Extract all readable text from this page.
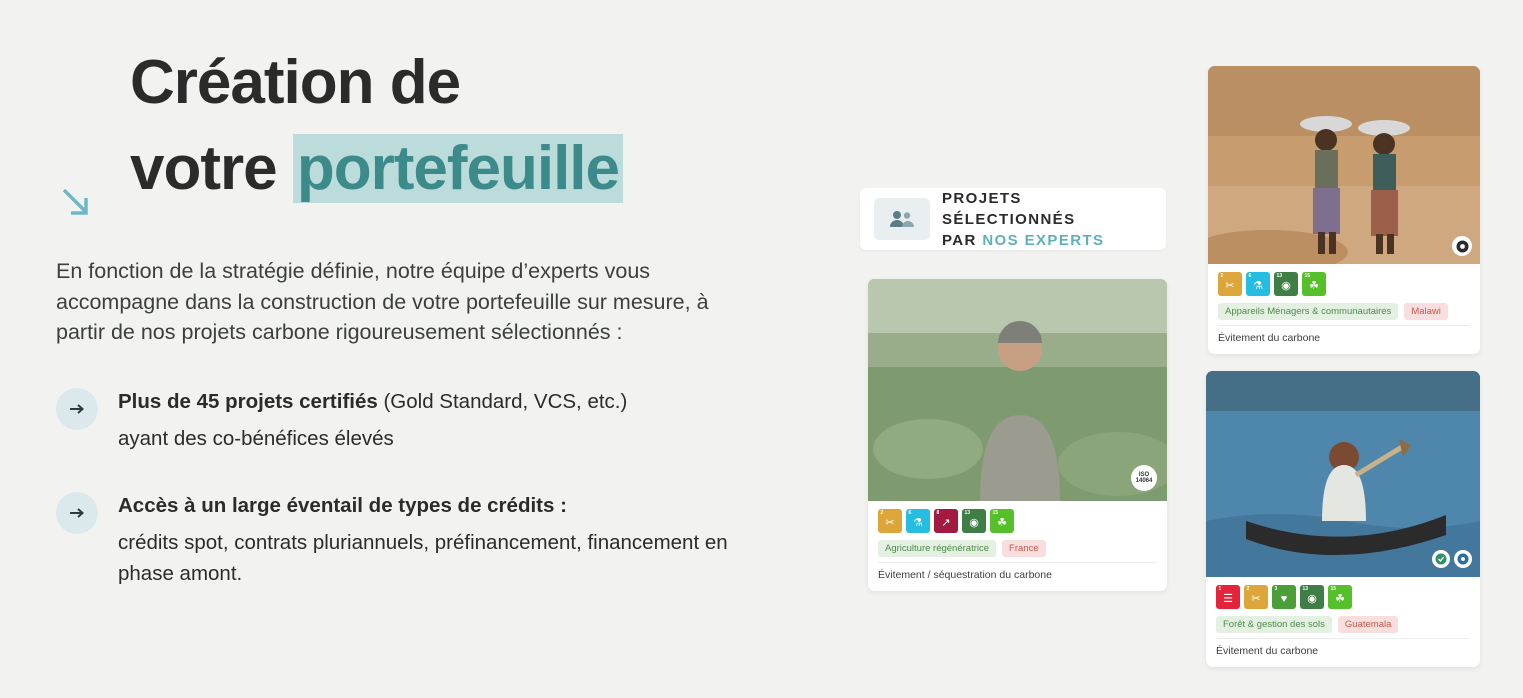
Création de
votre portefeuille

En fonction de la stratégie définie, notre équipe d’experts vous accompagne dans la construction de votre portefeuille sur mesure, à partir de nos projets carbone rigoureusement sélectionnés :

Plus de 45 projets certifiés (Gold Standard, VCS, etc.)
ayant des co-bénéfices élevés
Accès à un large éventail de types de crédits :
crédits spot, contrats pluriannuels, préfinancement, financement en phase amont.
PROJETS SÉLECTIONNÉS
PAR NOS EXPERTS
2
✂
6
⚗
13
◉
15
☘
Appareils Ménagers & communautaires	Malawi
Évitement du carbone
ISO 14064
2
✂
6
⚗
8
↗
13
◉
15
☘
Agriculture régénératrice	France
Évitement / séquestration du carbone
1
☰
2
✂
3
♥
13
◉
15
☘
Forêt & gestion des sols	Guatemala
Évitement du carbone
